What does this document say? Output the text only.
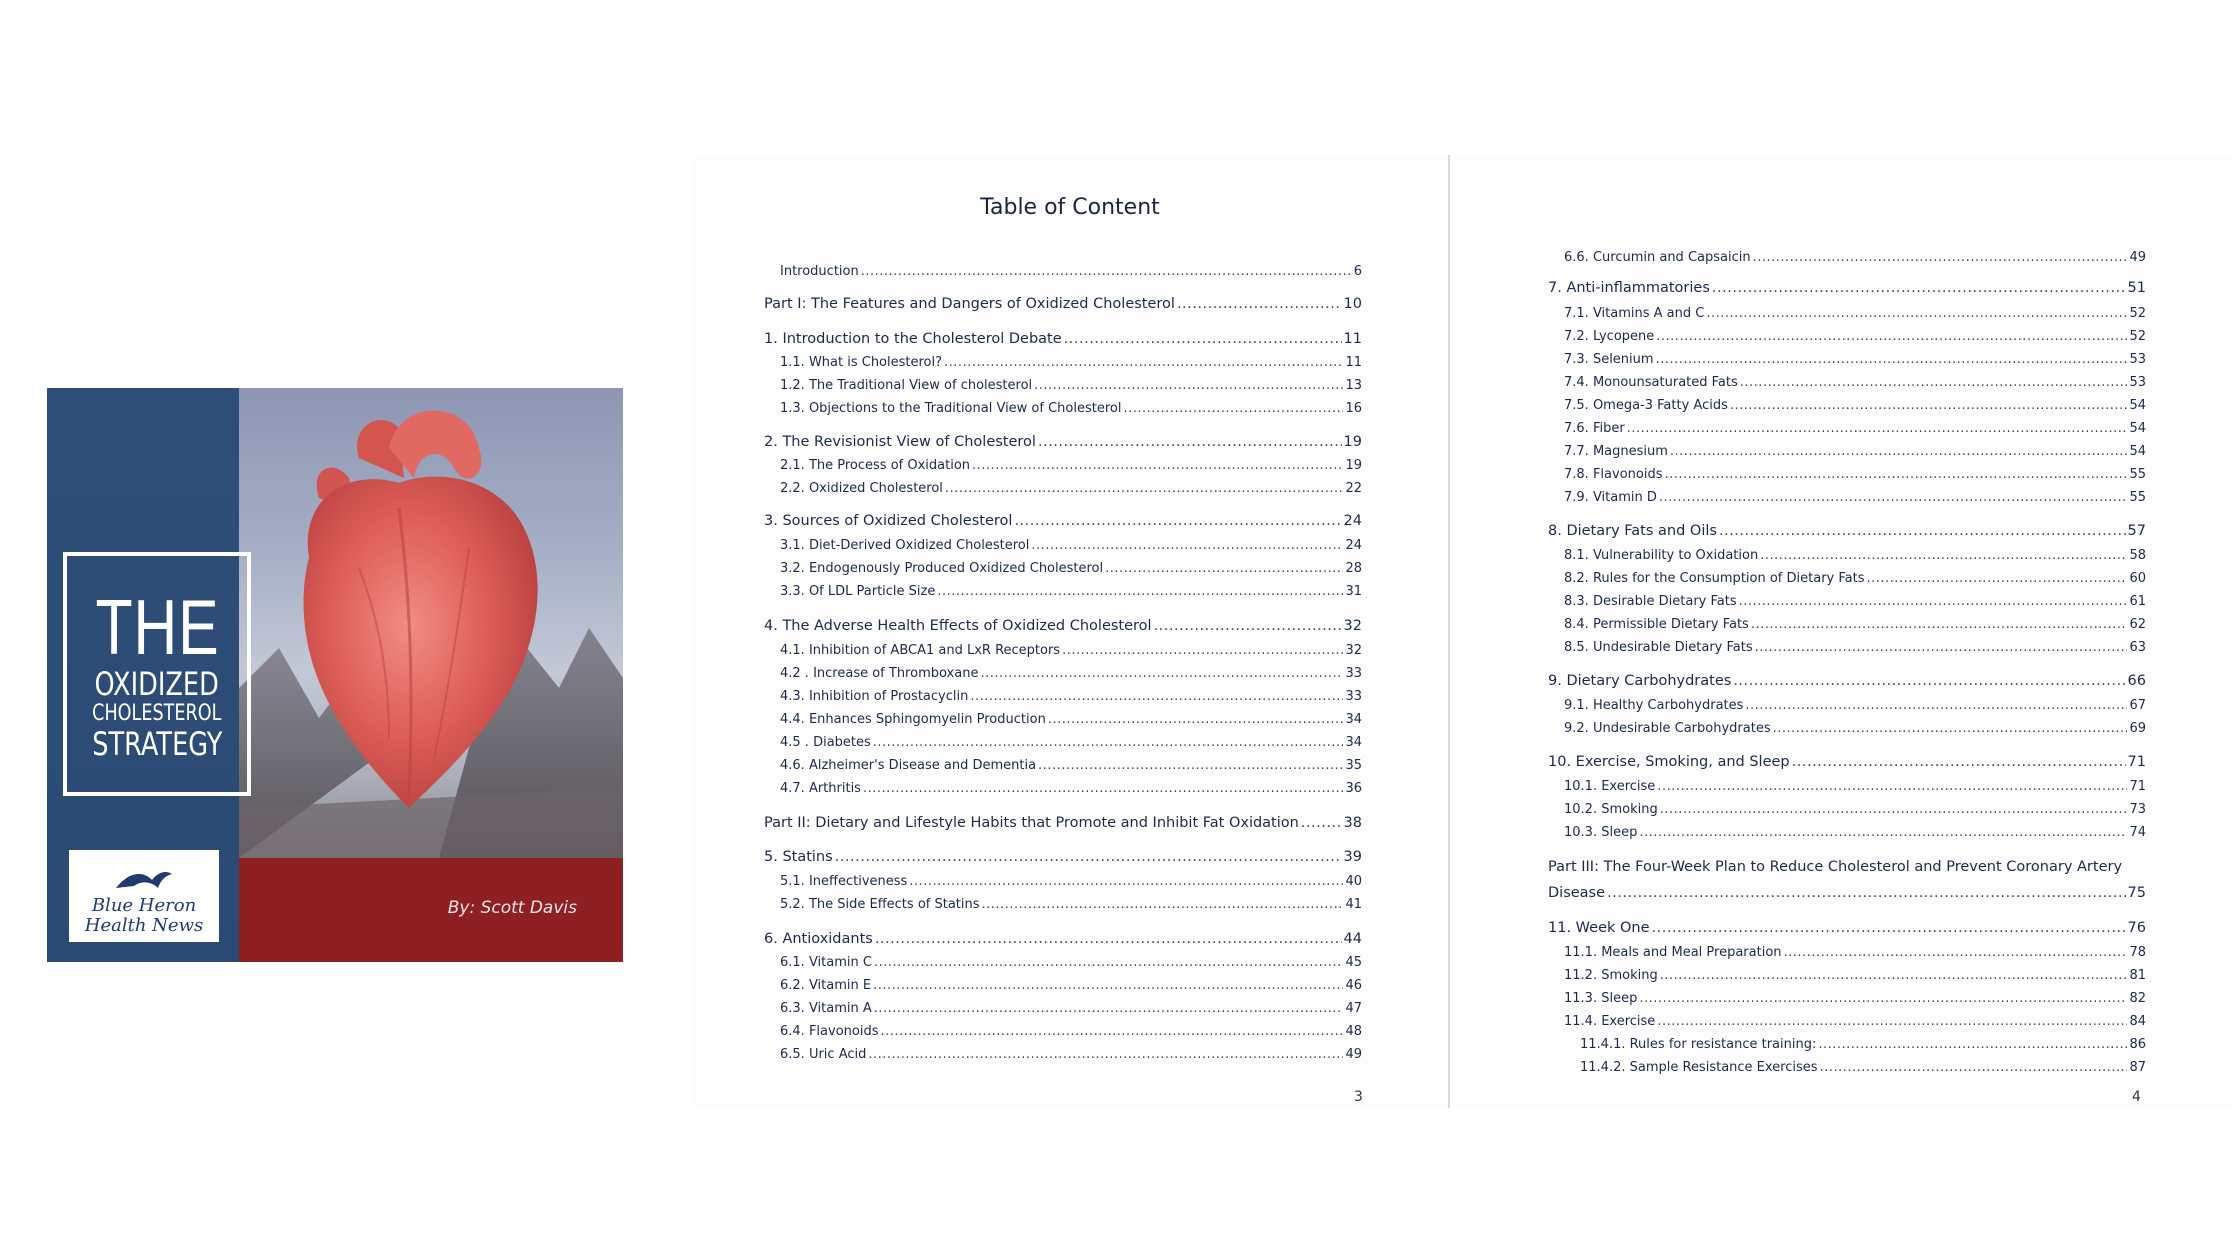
THE
OXIDIZED
CHOLESTEROL
STRATEGY
Blue Heron
Health News
By: Scott Davis
Table of Content
Introduction .....	6
Part I: The Features and Dangers of Oxidized Cholesterol .....	10
1. Introduction to the Cholesterol Debate .....	11
1.1. What is Cholesterol? .....	11
1.2. The Traditional View of cholesterol .....	13
1.3. Objections to the Traditional View of Cholesterol .....	16
2. The Revisionist View of Cholesterol .....	19
2.1. The Process of Oxidation .....	19
2.2. Oxidized Cholesterol .....	22
3. Sources of Oxidized Cholesterol .....	24
3.1. Diet-Derived Oxidized Cholesterol .....	24
3.2. Endogenously Produced Oxidized Cholesterol .....	28
3.3. Of LDL Particle Size .....	31
4. The Adverse Health Effects of Oxidized Cholesterol .....	32
4.1. Inhibition of ABCA1 and LxR Receptors .....	32
4.2 . Increase of Thromboxane .....	33
4.3. Inhibition of Prostacyclin .....	33
4.4. Enhances Sphingomyelin Production .....	34
4.5 . Diabetes .....	34
4.6. Alzheimer's Disease and Dementia .....	35
4.7. Arthritis .....	36
Part II: Dietary and Lifestyle Habits that Promote and Inhibit Fat Oxidation .....	38
5. Statins .....	39
5.1. Ineffectiveness .....	40
5.2. The Side Effects of Statins .....	41
6. Antioxidants .....	44
6.1. Vitamin C .....	45
6.2. Vitamin E .....	46
6.3. Vitamin A .....	47
6.4. Flavonoids .....	48
6.5. Uric Acid .....	49
3
6.6. Curcumin and Capsaicin .....	49
7. Anti-inflammatories .....	51
7.1. Vitamins A and C .....	52
7.2. Lycopene .....	52
7.3. Selenium .....	53
7.4. Monounsaturated Fats .....	53
7.5. Omega-3 Fatty Acids .....	54
7.6. Fiber .....	54
7.7. Magnesium .....	54
7.8. Flavonoids .....	55
7.9. Vitamin D .....	55
8. Dietary Fats and Oils .....	57
8.1. Vulnerability to Oxidation .....	58
8.2. Rules for the Consumption of Dietary Fats .....	60
8.3. Desirable Dietary Fats .....	61
8.4. Permissible Dietary Fats .....	62
8.5. Undesirable Dietary Fats .....	63
9. Dietary Carbohydrates .....	66
9.1. Healthy Carbohydrates .....	67
9.2. Undesirable Carbohydrates .....	69
10. Exercise, Smoking, and Sleep .....	71
10.1. Exercise .....	71
10.2. Smoking .....	73
10.3. Sleep .....	74
Part III: The Four-Week Plan to Reduce Cholesterol and Prevent Coronary Artery
Disease .....	75
11. Week One .....	76
11.1. Meals and Meal Preparation .....	78
11.2. Smoking .....	81
11.3. Sleep .....	82
11.4. Exercise .....	84
11.4.1. Rules for resistance training: .....	86
11.4.2. Sample Resistance Exercises .....	87
4
